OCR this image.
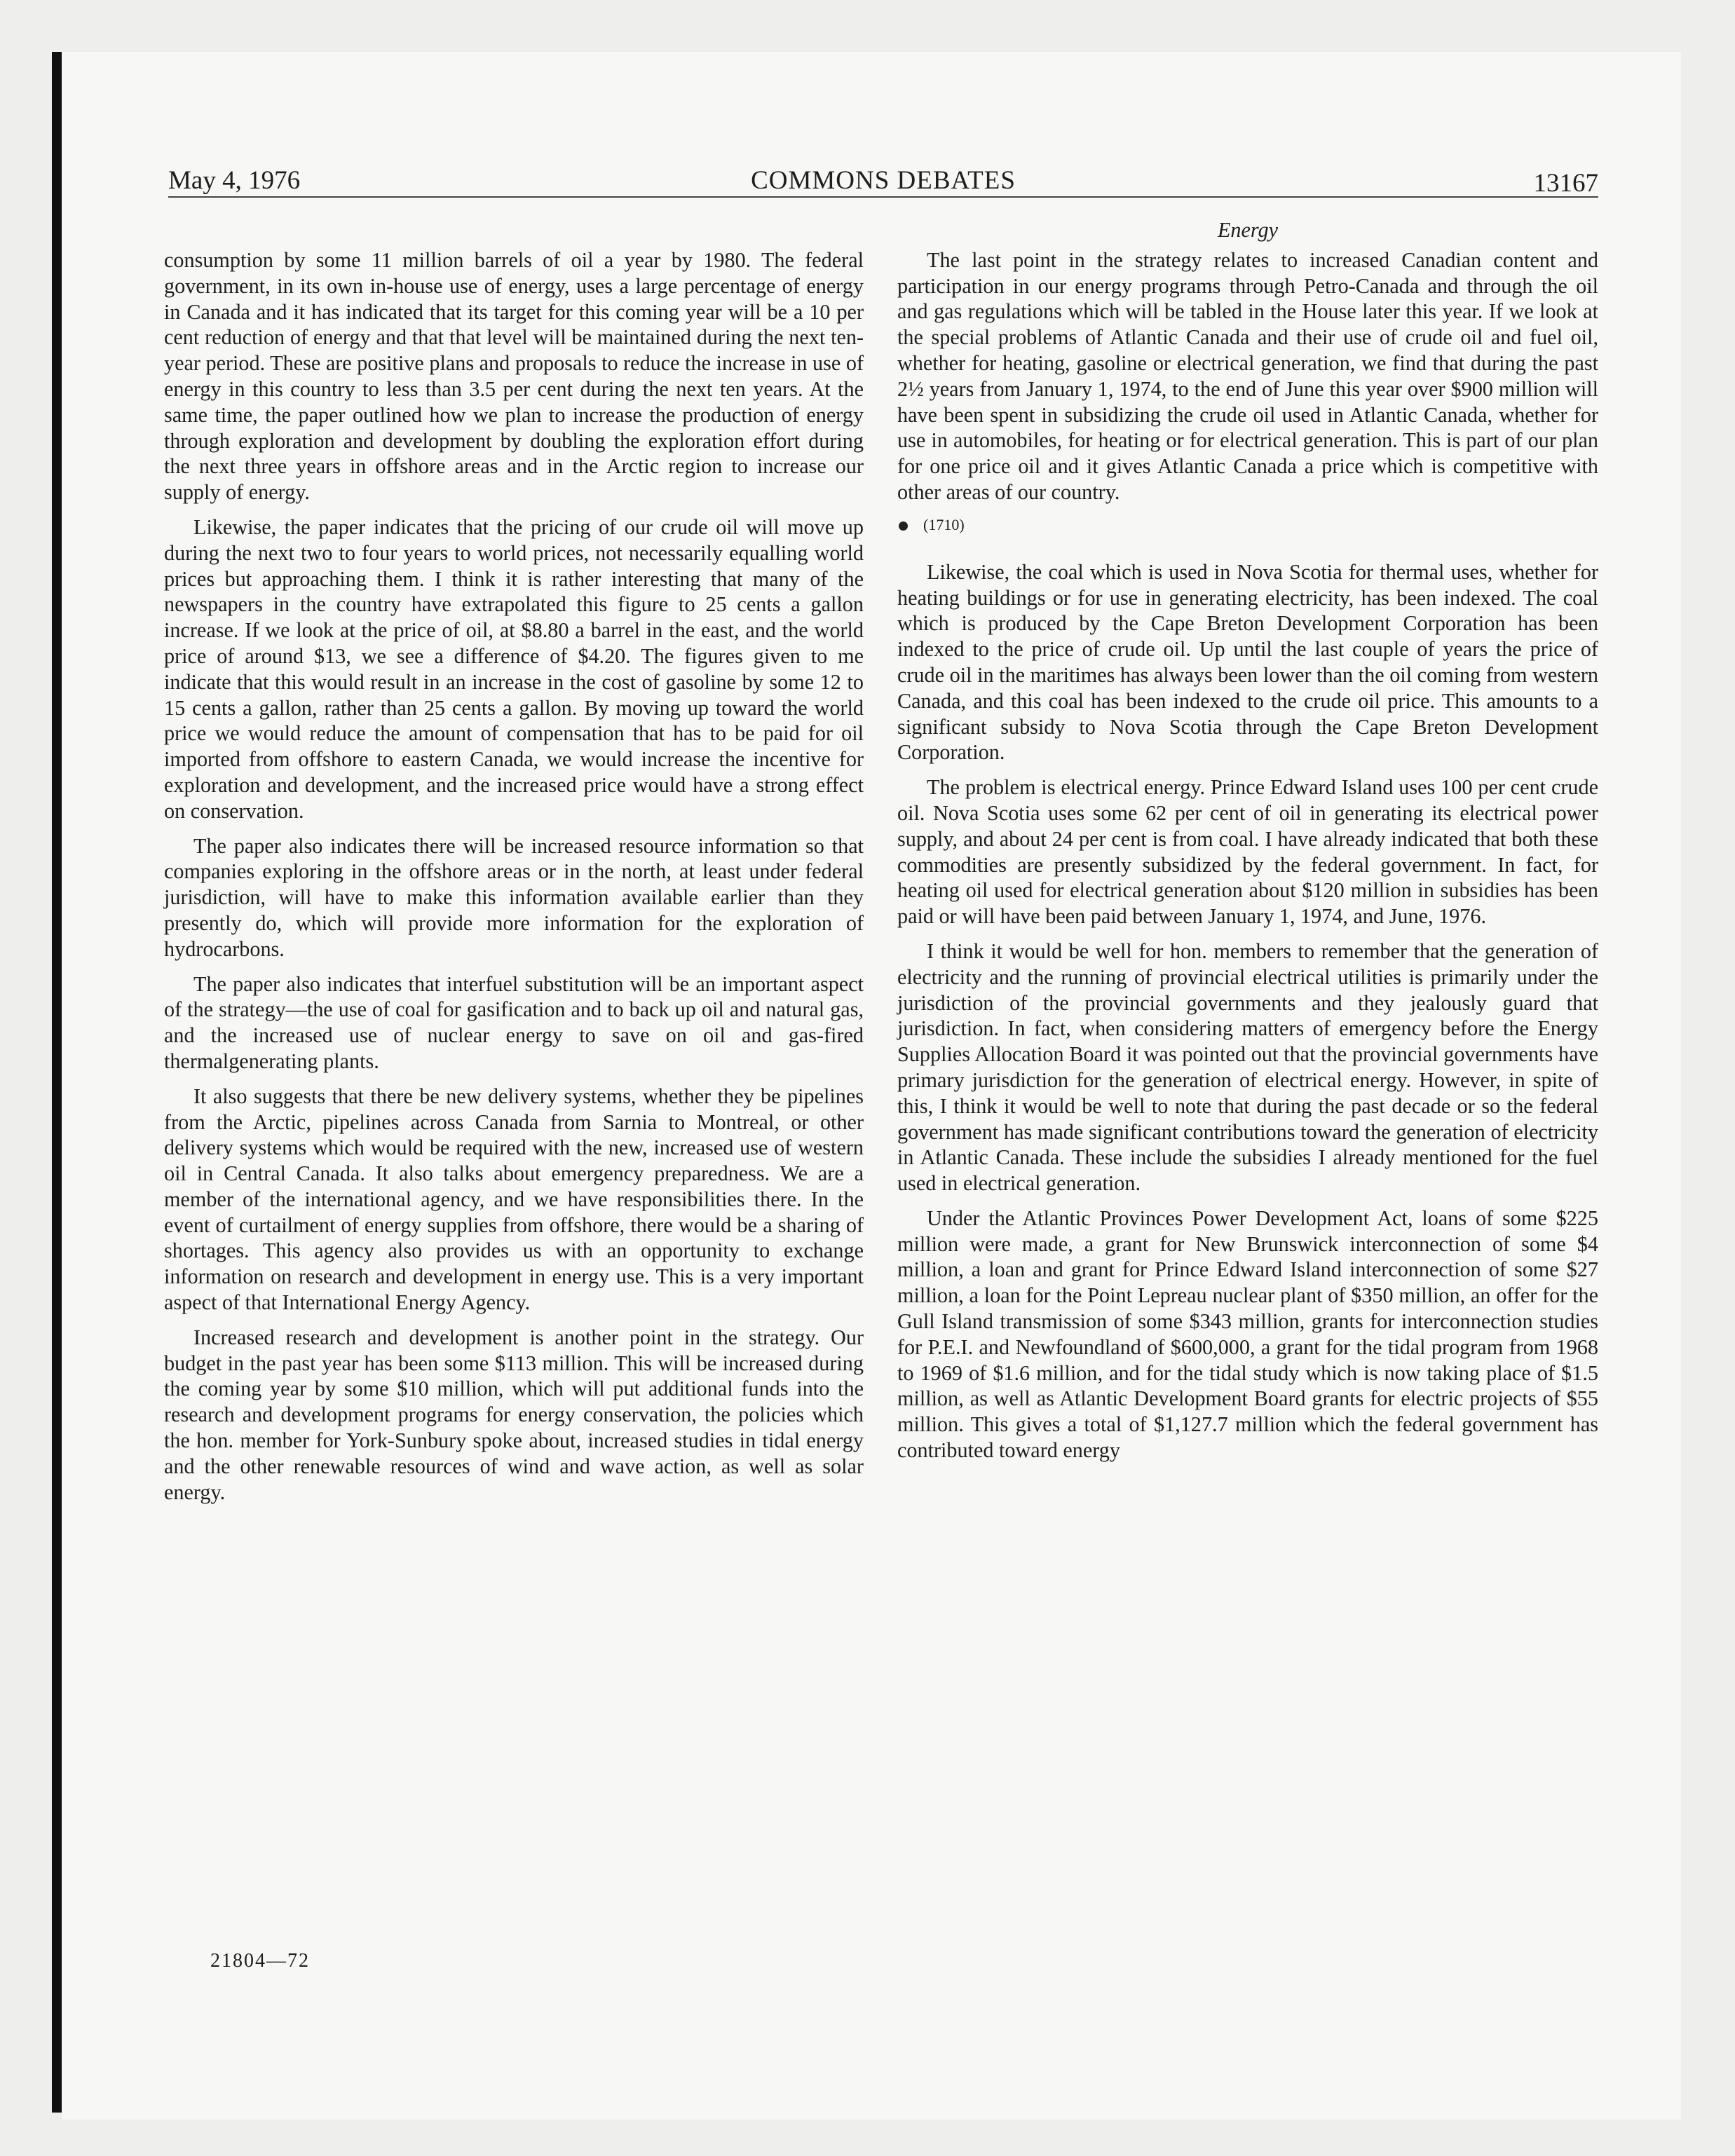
May 4, 1976	COMMONS DEBATES	13167

consumption by some 11 million barrels of oil a year by 1980. The federal government, in its own in-house use of energy, uses a large percentage of energy in Canada and it has indicated that its target for this coming year will be a 10 per cent reduction of energy and that that level will be maintained during the next ten-year period. These are positive plans and proposals to reduce the increase in use of energy in this country to less than 3.5 per cent during the next ten years. At the same time, the paper outlined how we plan to increase the production of energy through exploration and development by doubling the exploration effort during the next three years in offshore areas and in the Arctic region to increase our supply of energy.

Likewise, the paper indicates that the pricing of our crude oil will move up during the next two to four years to world prices, not necessarily equalling world prices but approaching them. I think it is rather interesting that many of the newspapers in the country have extrapolated this figure to 25 cents a gallon increase. If we look at the price of oil, at $8.80 a barrel in the east, and the world price of around $13, we see a difference of $4.20. The figures given to me indicate that this would result in an increase in the cost of gasoline by some 12 to 15 cents a gallon, rather than 25 cents a gallon. By moving up toward the world price we would reduce the amount of compensation that has to be paid for oil imported from offshore to eastern Canada, we would increase the incentive for exploration and development, and the increased price would have a strong effect on conservation.

The paper also indicates there will be increased resource information so that companies exploring in the offshore areas or in the north, at least under federal jurisdiction, will have to make this information available earlier than they presently do, which will provide more information for the exploration of hydrocarbons.

The paper also indicates that interfuel substitution will be an important aspect of the strategy—the use of coal for gasification and to back up oil and natural gas, and the increased use of nuclear energy to save on oil and gas-fired thermalgenerating plants.

It also suggests that there be new delivery systems, whether they be pipelines from the Arctic, pipelines across Canada from Sarnia to Montreal, or other delivery systems which would be required with the new, increased use of western oil in Central Canada. It also talks about emergency preparedness. We are a member of the international agency, and we have responsibilities there. In the event of curtailment of energy supplies from offshore, there would be a sharing of shortages. This agency also provides us with an opportunity to exchange information on research and development in energy use. This is a very important aspect of that International Energy Agency.

Increased research and development is another point in the strategy. Our budget in the past year has been some $113 million. This will be increased during the coming year by some $10 million, which will put additional funds into the research and development programs for energy conservation, the policies which the hon. member for York-Sunbury spoke about, increased studies in tidal energy and the other renewable resources of wind and wave action, as well as solar energy.

Energy

The last point in the strategy relates to increased Canadian content and participation in our energy programs through Petro-Canada and through the oil and gas regulations which will be tabled in the House later this year. If we look at the special problems of Atlantic Canada and their use of crude oil and fuel oil, whether for heating, gasoline or electrical generation, we find that during the past 2½ years from January 1, 1974, to the end of June this year over $900 million will have been spent in subsidizing the crude oil used in Atlantic Canada, whether for use in automobiles, for heating or for electrical generation. This is part of our plan for one price oil and it gives Atlantic Canada a price which is competitive with other areas of our country.

(1710)

Likewise, the coal which is used in Nova Scotia for thermal uses, whether for heating buildings or for use in generating electricity, has been indexed. The coal which is produced by the Cape Breton Development Corporation has been indexed to the price of crude oil. Up until the last couple of years the price of crude oil in the maritimes has always been lower than the oil coming from western Canada, and this coal has been indexed to the crude oil price. This amounts to a significant subsidy to Nova Scotia through the Cape Breton Development Corporation.

The problem is electrical energy. Prince Edward Island uses 100 per cent crude oil. Nova Scotia uses some 62 per cent of oil in generating its electrical power supply, and about 24 per cent is from coal. I have already indicated that both these commodities are presently subsidized by the federal government. In fact, for heating oil used for electrical generation about $120 million in subsidies has been paid or will have been paid between January 1, 1974, and June, 1976.

I think it would be well for hon. members to remember that the generation of electricity and the running of provincial electrical utilities is primarily under the jurisdiction of the provincial governments and they jealously guard that jurisdiction. In fact, when considering matters of emergency before the Energy Supplies Allocation Board it was pointed out that the provincial governments have primary jurisdiction for the generation of electrical energy. However, in spite of this, I think it would be well to note that during the past decade or so the federal government has made significant contributions toward the generation of electricity in Atlantic Canada. These include the subsidies I already mentioned for the fuel used in electrical generation.

Under the Atlantic Provinces Power Development Act, loans of some $225 million were made, a grant for New Brunswick interconnection of some $4 million, a loan and grant for Prince Edward Island interconnection of some $27 million, a loan for the Point Lepreau nuclear plant of $350 million, an offer for the Gull Island transmission of some $343 million, grants for interconnection studies for P.E.I. and Newfoundland of $600,000, a grant for the tidal program from 1968 to 1969 of $1.6 million, and for the tidal study which is now taking place of $1.5 million, as well as Atlantic Development Board grants for electric projects of $55 million. This gives a total of $1,127.7 million which the federal government has contributed toward energy

21804—72
